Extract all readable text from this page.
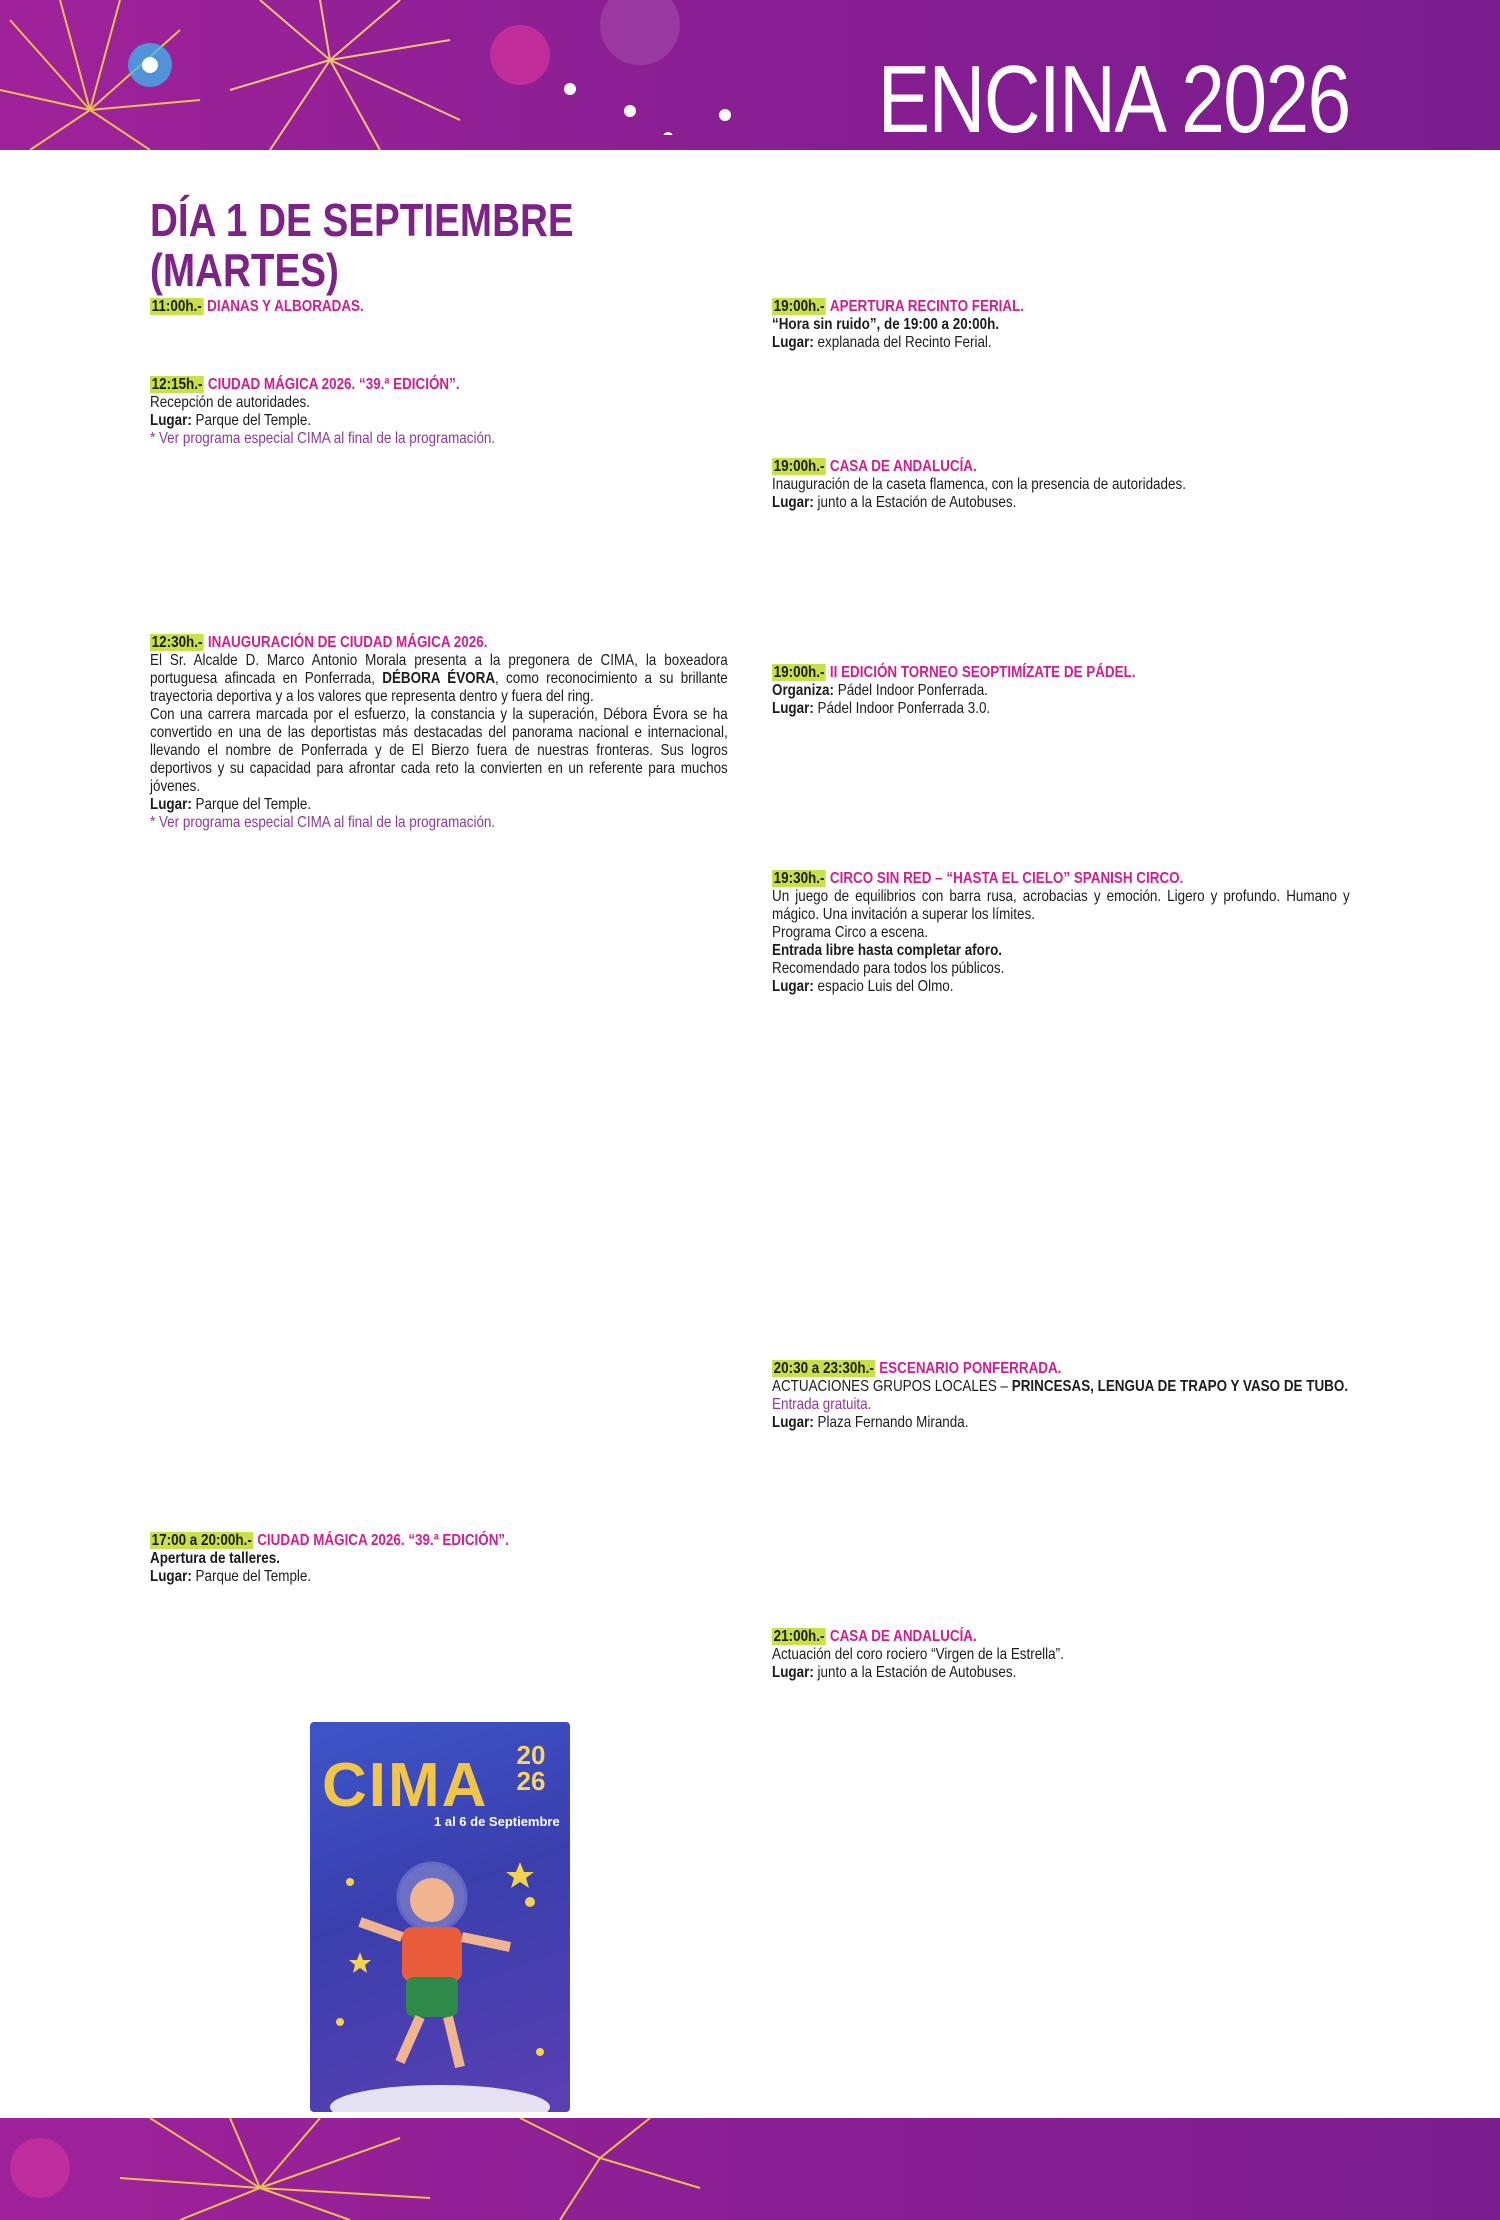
ENCINA 2026
DÍA 1 DE SEPTIEMBRE
(MARTES)
11:00h.- DIANAS Y ALBORADAS.

12:15h.- CIUDAD MÁGICA 2026. “39.ª EDICIÓN”.

Recepción de autoridades.

Lugar: Parque del Temple.

* Ver programa especial CIMA al final de la programación.

12:30h.- INAUGURACIÓN DE CIUDAD MÁGICA 2026.

El Sr. Alcalde D. Marco Antonio Morala presenta a la pregonera de CIMA, la boxeadora portuguesa afincada en Ponferrada, DÉBORA ÉVORA, como reconocimiento a su brillante trayectoria deportiva y a los valores que representa dentro y fuera del ring.

Con una carrera marcada por el esfuerzo, la constancia y la superación, Débora Évora se ha convertido en una de las deportistas más destacadas del panorama nacional e internacional, llevando el nombre de Ponferrada y de El Bierzo fuera de nuestras fronteras. Sus logros deportivos y su capacidad para afrontar cada reto la convierten en un referente para muchos jóvenes.

Lugar: Parque del Temple.

* Ver programa especial CIMA al final de la programación.

17:00 a 20:00h.- CIUDAD MÁGICA 2026. “39.ª EDICIÓN”.

Apertura de talleres.

Lugar: Parque del Temple.

CIMA	20
26
1 al 6 de Septiembre

19:00h.- APERTURA RECINTO FERIAL.

“Hora sin ruido”, de 19:00 a 20:00h.

Lugar: explanada del Recinto Ferial.

19:00h.- CASA DE ANDALUCÍA.

Inauguración de la caseta flamenca, con la presencia de autoridades.

Lugar: junto a la Estación de Autobuses.

19:00h.- II EDICIÓN TORNEO SEOPTIMÍZATE DE PÁDEL.

Organiza: Pádel Indoor Ponferrada.

Lugar: Pádel Indoor Ponferrada 3.0.

19:30h.- CIRCO SIN RED – “HASTA EL CIELO” SPANISH CIRCO.

Un juego de equilibrios con barra rusa, acrobacias y emoción. Ligero y profundo. Humano y mágico. Una invitación a superar los límites.

Programa Circo a escena.

Entrada libre hasta completar aforo.

Recomendado para todos los públicos.

Lugar: espacio Luis del Olmo.

20:30 a 23:30h.- ESCENARIO PONFERRADA.

ACTUACIONES GRUPOS LOCALES – PRINCESAS, LENGUA DE TRAPO Y VASO DE TUBO.

Entrada gratuita.

Lugar: Plaza Fernando Miranda.

21:00h.- CASA DE ANDALUCÍA.

Actuación del coro rociero “Virgen de la Estrella”.

Lugar: junto a la Estación de Autobuses.
